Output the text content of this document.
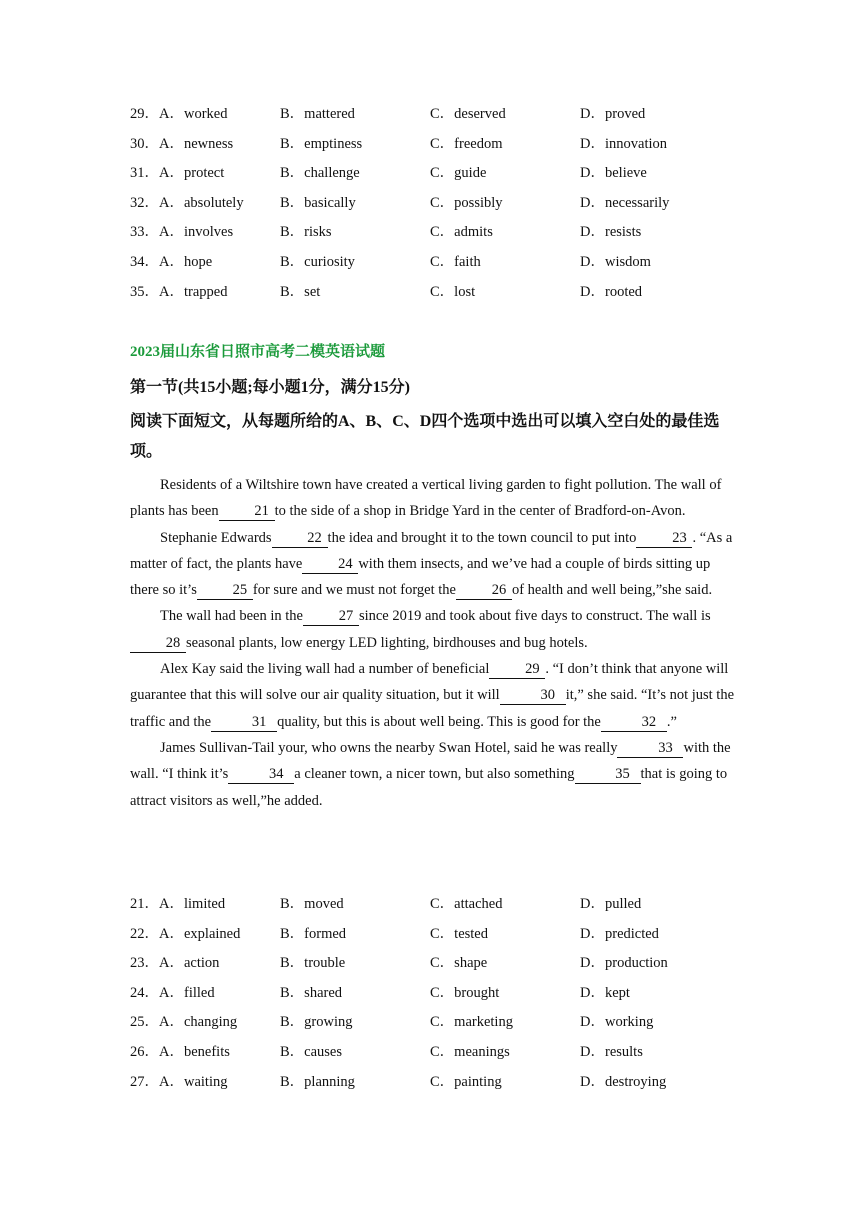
29．A．worked	B．mattered	C．deserved	D．proved
30．A．newness	B．emptiness	C．freedom	D．innovation
31．A．protect	B．challenge	C．guide	D．believe
32．A．absolutely	B．basically	C．possibly	D．necessarily
33．A．involves	B．risks	C．admits	D．resists
34．A．hope	B．curiosity	C．faith	D．wisdom
35．A．trapped	B．set	C．lost	D．rooted
2023届山东省日照市高考二模英语试题
第一节(共15小题;每小题1分，满分15分)
阅读下面短文，从每题所给的A、B、C、D四个选项中选出可以填入空白处的最佳选项。

Residents of a Wiltshire town have created a vertical living garden to fight pollution. The wall of plants has been 21 to the side of a shop in Bridge Yard in the center of Bradford-on-Avon.

Stephanie Edwards 22 the idea and brought it to the town council to put into 23 . “As a matter of fact, the plants have 24 with them insects, and we’ve had a couple of birds sitting up there so it’s 25 for sure and we must not forget the 26 of health and well being,”she said.

The wall had been in the 27 since 2019 and took about five days to construct. The wall is 28 seasonal plants, low energy LED lighting, birdhouses and bug hotels.

Alex Kay said the living wall had a number of beneficial 29 . “I don’t think that anyone will guarantee that this will solve our air quality situation, but it will	30 it,” she said. “It’s not just the traffic and the	31 quality, but this is about well being. This is good for the	32 .”

James Sullivan-Tail your, who owns the nearby Swan Hotel, said he was really	33 with the wall. “I think it’s	34 a cleaner town, a nicer town, but also something	35 that is going to attract visitors as well,”he added.

21．A．limited	B．moved	C．attached	D．pulled
22．A．explained	B．formed	C．tested	D．predicted
23．A．action	B．trouble	C．shape	D．production
24．A．filled	B．shared	C．brought	D．kept
25．A．changing	B．growing	C．marketing	D．working
26．A．benefits	B．causes	C．meanings	D．results
27．A．waiting	B．planning	C．painting	D．destroying
